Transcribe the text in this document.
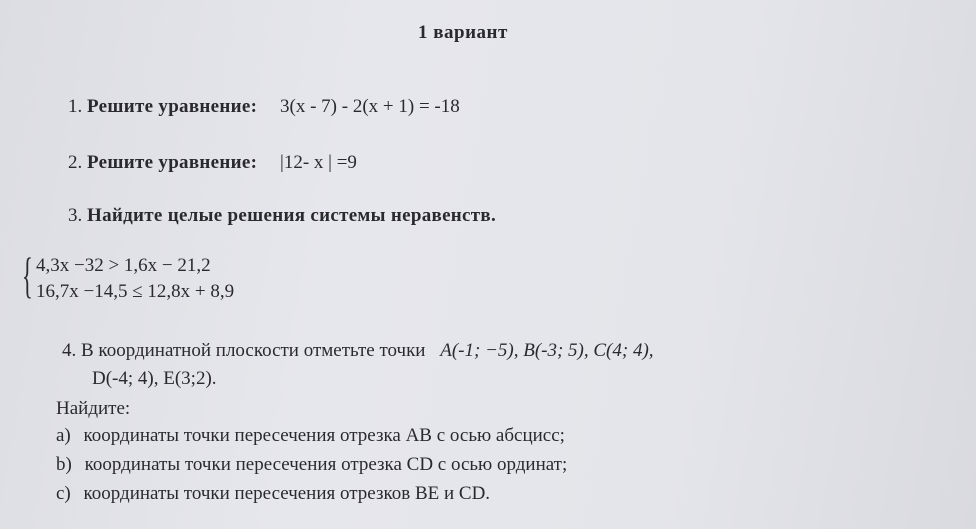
1 вариант
1. Решите уравнение: 3(x - 7) - 2(x + 1) = -18
2. Решите уравнение: |12- x | =9
3. Найдите целые решения системы неравенств.
{ 4,3x −32 > 1,6x − 21,2
16,7x −14,5 ≤ 12,8x + 8,9
4. В координатной плоскости отметьте точки A(-1; −5), B(-3; 5), C(4; 4),
D(-4; 4), E(3;2).
Найдите:
a) координаты точки пересечения отрезка AB с осью абсцисс;
b) координаты точки пересечения отрезка CD с осью ординат;
c) координаты точки пересечения отрезков BE и CD.
